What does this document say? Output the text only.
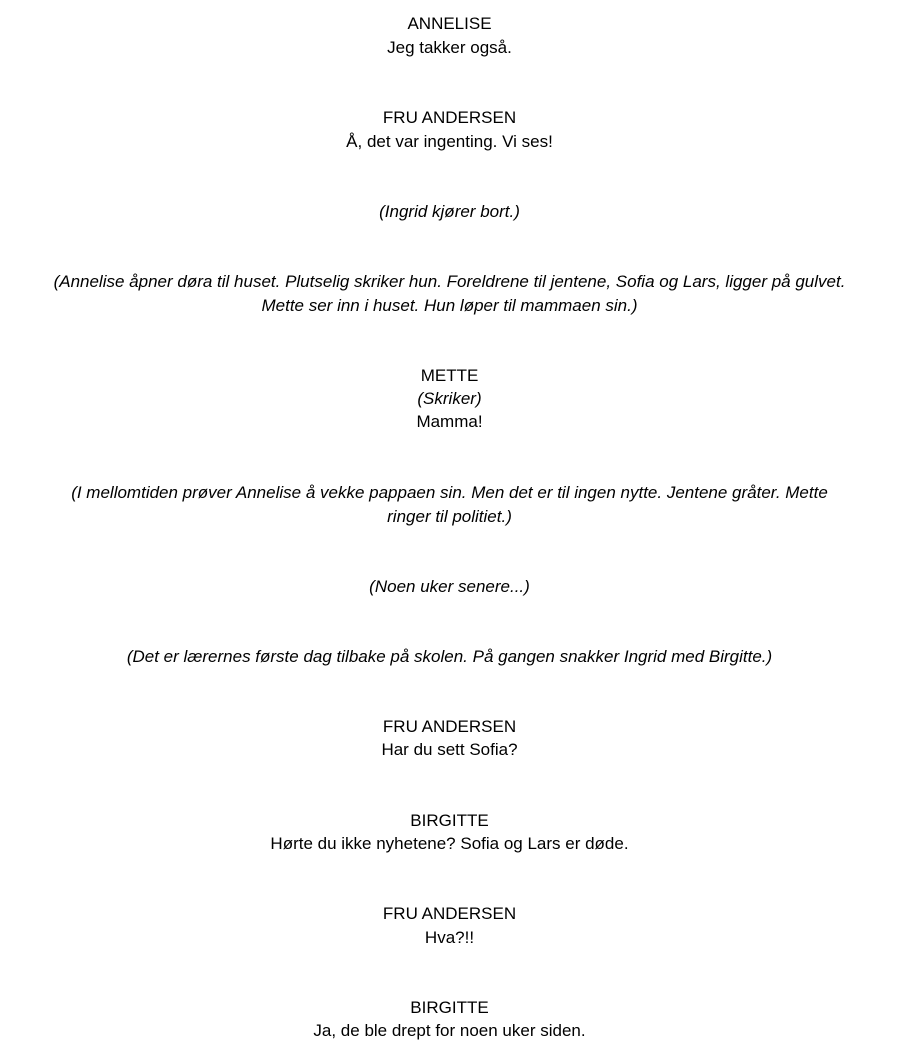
ANNELISE

Jeg takker også.

FRU ANDERSEN

Å, det var ingenting. Vi ses!

(Ingrid kjører bort.)

(Annelise åpner døra til huset. Plutselig skriker hun. Foreldrene til jentene, Sofia og Lars, ligger på gulvet.

Mette ser inn i huset. Hun løper til mammaen sin.)

METTE

(Skriker)

Mamma!

(I mellomtiden prøver Annelise å vekke pappaen sin. Men det er til ingen nytte. Jentene gråter. Mette

ringer til politiet.)

(Noen uker senere...)

(Det er lærernes første dag tilbake på skolen. På gangen snakker Ingrid med Birgitte.)

FRU ANDERSEN

Har du sett Sofia?

BIRGITTE

Hørte du ikke nyhetene? Sofia og Lars er døde.

FRU ANDERSEN

Hva?!!

BIRGITTE

Ja, de ble drept for noen uker siden.
